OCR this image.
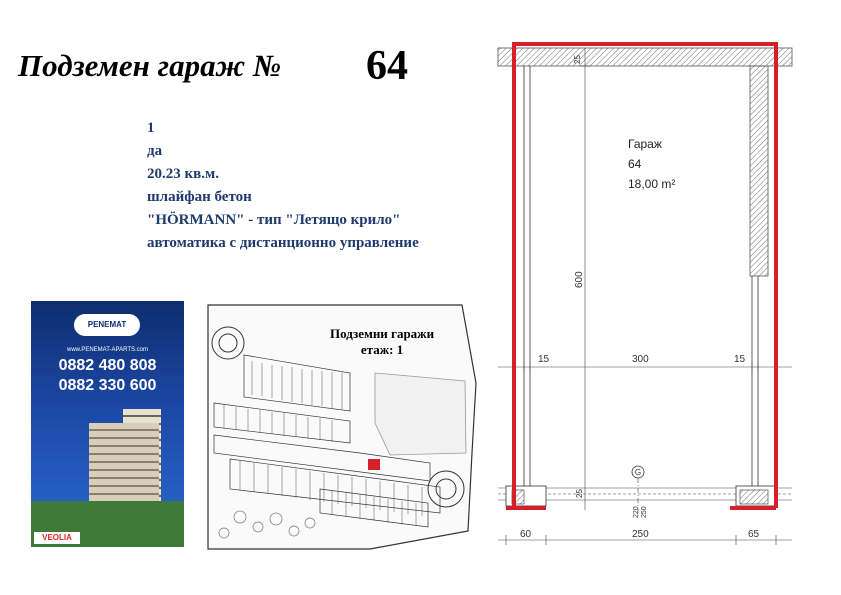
Подземен гараж № 64
1
да
20.23 кв.м.
шлайфан бетон
"HÖRMANN" - тип "Летящо крило"
автоматика с дистанционно управление
PENEMAT
www.PENEMAT-APARTS.com
0882 480 808
0882 330 600
VEOLIA
Подземни гаражи
етаж: 1
G
Гараж
64
18,00 m²
25
600
15	300	15
25
220 250
60	250	65
